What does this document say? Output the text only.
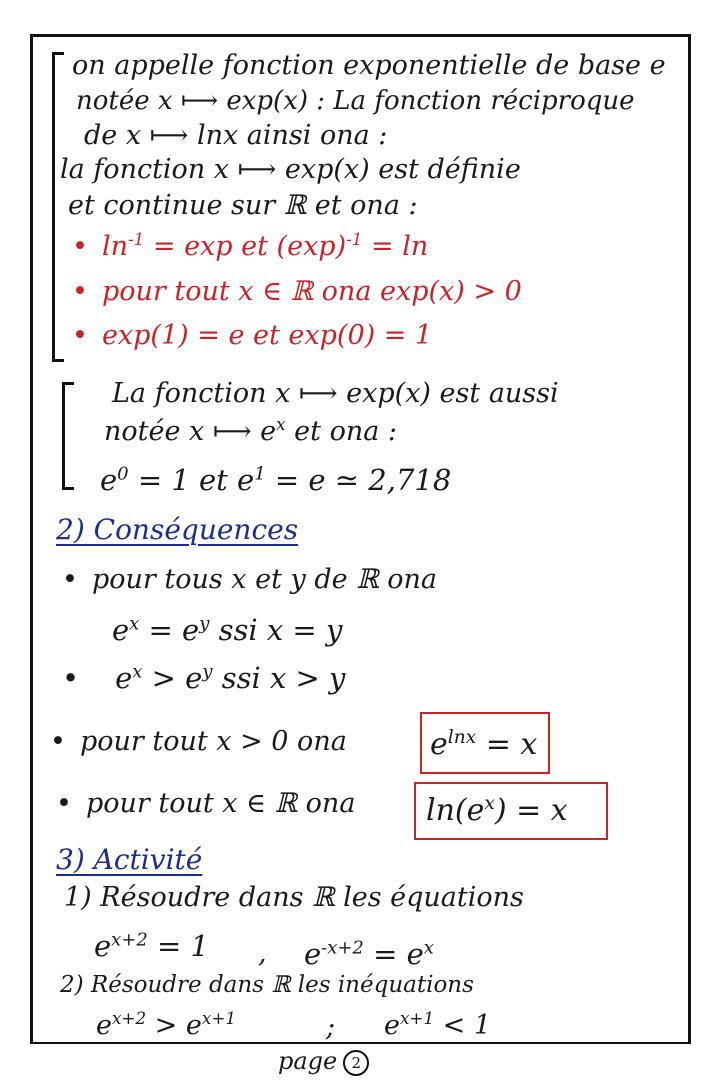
on appelle fonction exponentielle de base e
notée x ⟼ exp(x) : La fonction réciproque
de x ⟼ lnx ainsi ona :
la fonction x ⟼ exp(x) est définie
et continue sur ℝ et ona :
• $\ln^{-1} = \exp$ et $(\exp)^{-1} = \ln$
• pour tout x ∈ ℝ ona exp(x) > 0
• exp(1) = e et exp(0) = 1
La fonction x ⟼ exp(x) est aussi
notée x ⟼ $e^x$ et ona :
$e^0 = 1$ et $e^1 = e$ ≃ 2,718
2) Conséquences
• pour tous x et y de ℝ ona
$e^x = e^y$ ssi x = y
• $e^x > e^y$ ssi x > y
• pour tout x > 0 ona	$e^{lnx} = x$
• pour tout x ∈ ℝ ona $\ln(e^x) = x$
3) Activité
1) Résoudre dans ℝ les équations
$e^{x+2} = 1$ , $e^{-x+2} = e^x$
2) Résoudre dans ℝ les inéquations
$e^{x+2} > e^{x+1}$	; $e^{x+1} < 1$
page 2
